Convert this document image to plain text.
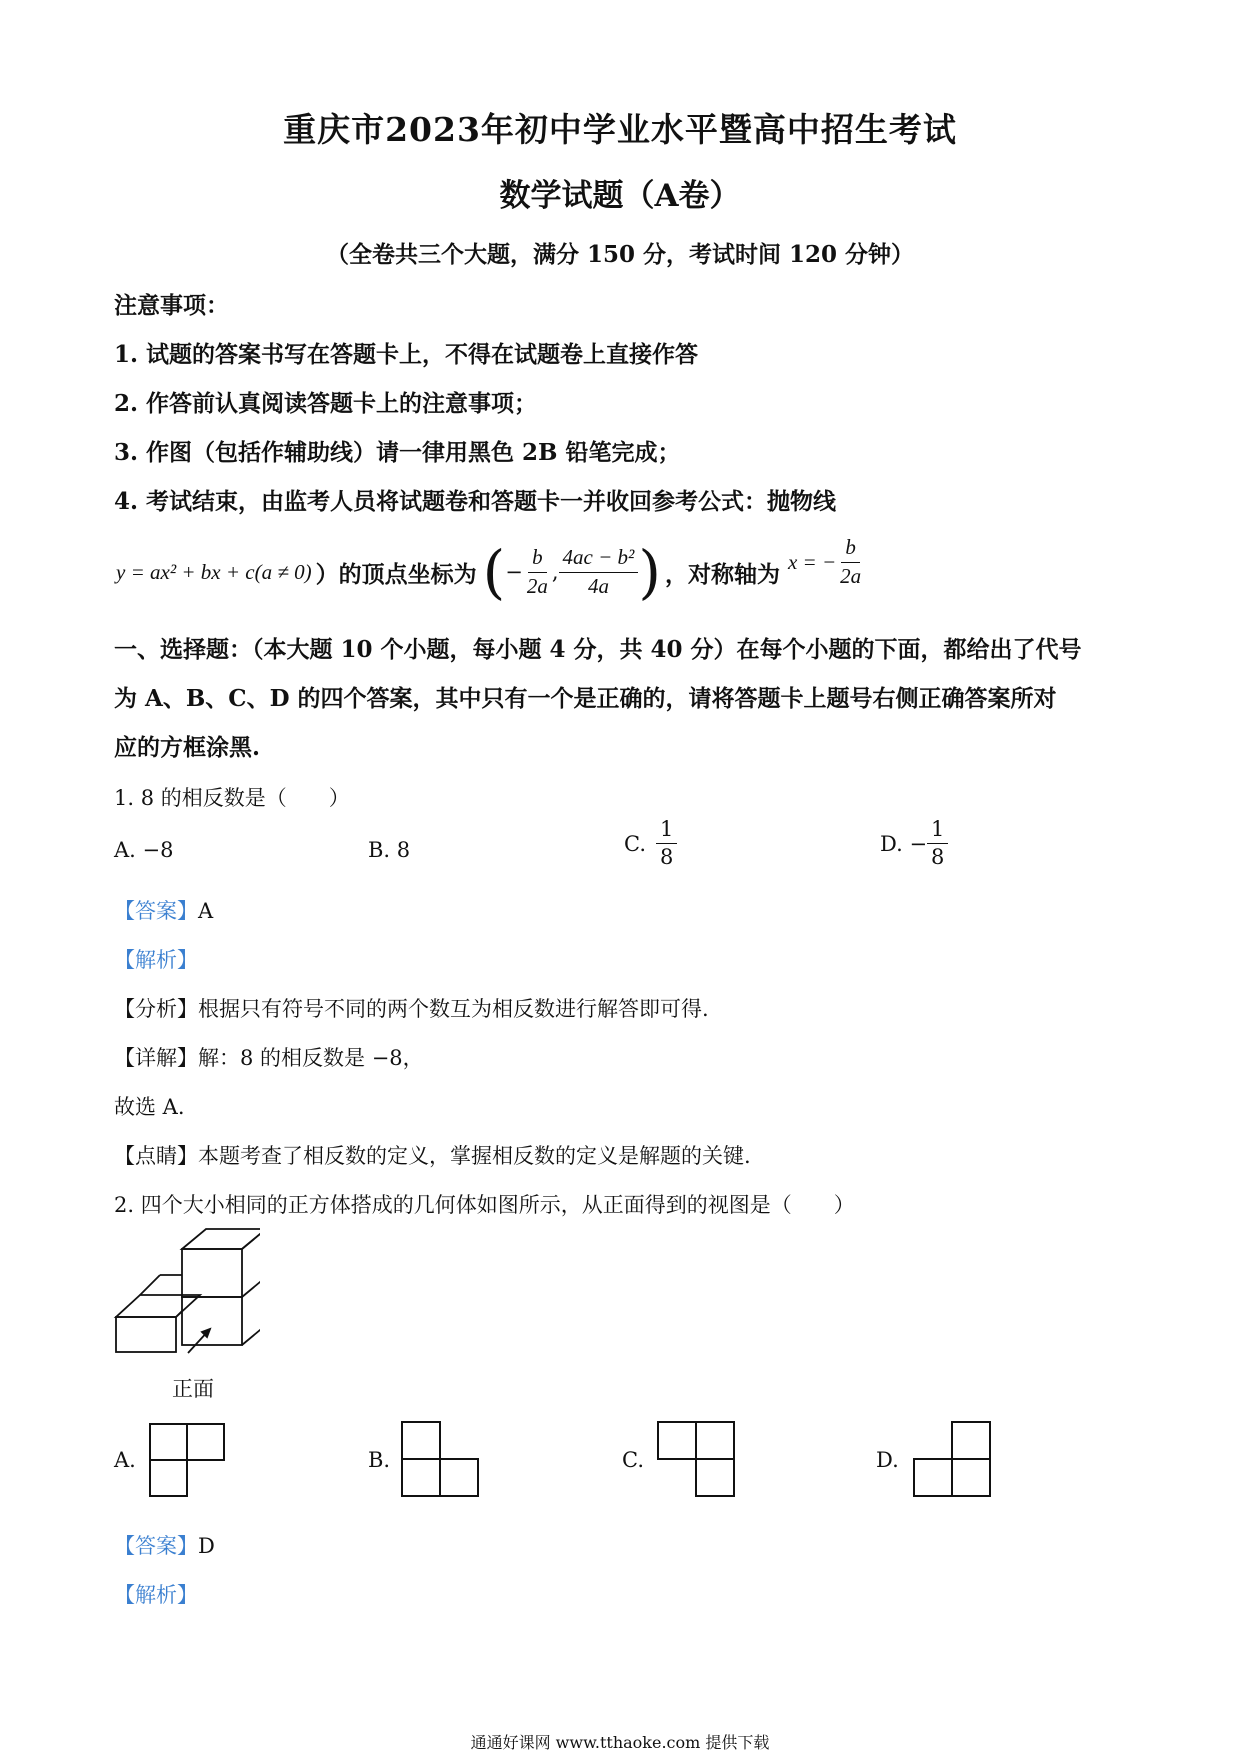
重庆市2023年初中学业水平暨高中招生考试
数学试题（A卷）
（全卷共三个大题，满分 150 分，考试时间 120 分钟）
注意事项：
1. 试题的答案书写在答题卡上，不得在试题卷上直接作答
2. 作答前认真阅读答题卡上的注意事项；
3. 作图（包括作辅助线）请一律用黑色 2B 铅笔完成；
4. 考试结束，由监考人员将试题卷和答题卡一并收回参考公式：抛物线
y = ax² + bx + c(a ≠ 0) ）的顶点坐标为 ( − $\frac{b}{2a}$ , $\frac{\text{4ac − b²}}{4a}$ ) ，对称轴为 x = − $\frac{b}{2a}$
一、选择题：（本大题 10 个小题，每小题 4 分，共 40 分）在每个小题的下面，都给出了代号
为 A、B、C、D 的四个答案，其中只有一个是正确的，请将答题卡上题号右侧正确答案所对
应的方框涂黑.
1. 8 的相反数是（　　）
A. −8	B. 8	C. $\frac{1}{8}$	D. − $\frac{1}{8}$
【答案】A
【解析】
【分析】根据只有符号不同的两个数互为相反数进行解答即可得.
【详解】解：8 的相反数是 −8，
故选 A.
【点睛】本题考查了相反数的定义，掌握相反数的定义是解题的关键.
2. 四个大小相同的正方体搭成的几何体如图所示，从正面得到的视图是（　　）
正面
A.	B.	C.	D.
【答案】D
【解析】
通通好课网 www.tthaoke.com 提供下载
